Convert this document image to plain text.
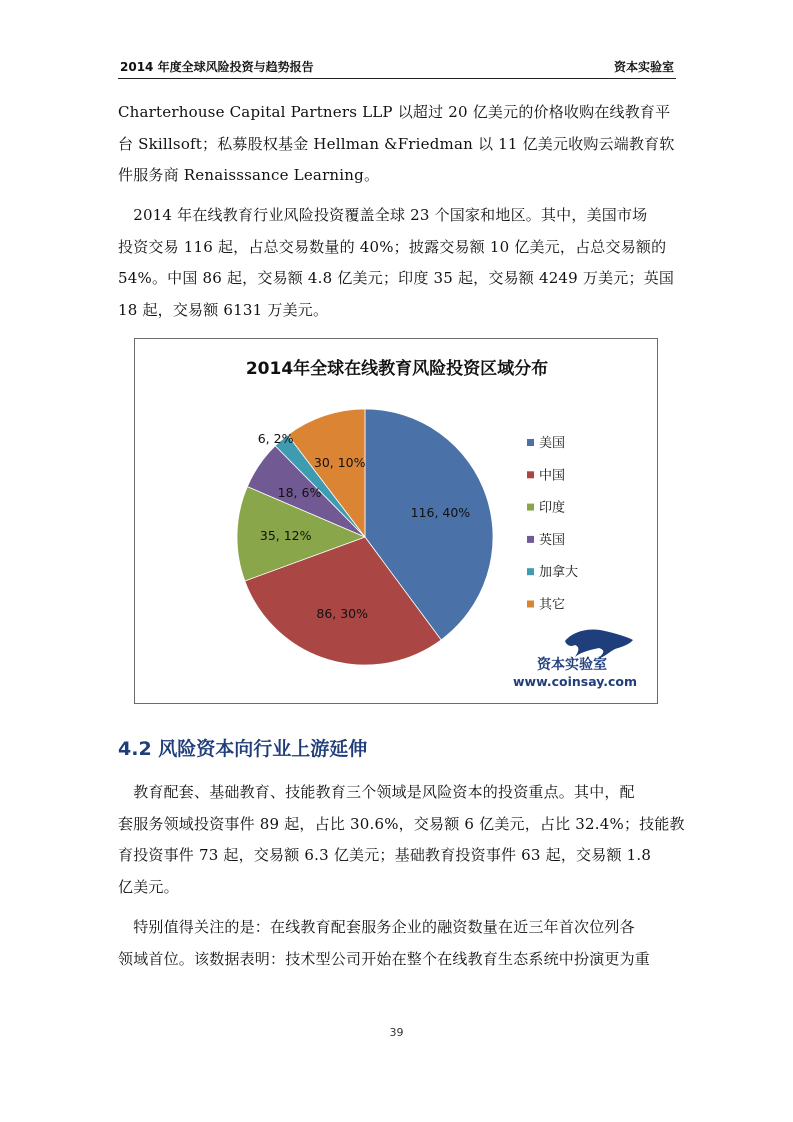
2014 年度全球风险投资与趋势报告	资本实验室
Charterhouse Capital Partners LLP 以超过 20 亿美元的价格收购在线教育平
台 Skillsoft；私募股权基金 Hellman &Friedman 以 11 亿美元收购云端教育软
件服务商 Renaisssance Learning。
　2014 年在线教育行业风险投资覆盖全球 23 个国家和地区。其中，美国市场
投资交易 116 起，占总交易数量的 40%；披露交易额 10 亿美元，占总交易额的
54%。中国 86 起，交易额 4.8 亿美元；印度 35 起，交易额 4249 万美元；英国
18 起，交易额 6131 万美元。
2014年全球在线教育风险投资区域分布
116, 40%
86, 30%
35, 12%
18, 6%
6, 2%
30, 10%
美国
中国
印度
英国
加拿大
其它
资本实验室
www.coinsay.com
4.2 风险资本向行业上游延伸
　教育配套、基础教育、技能教育三个领域是风险资本的投资重点。其中，配
套服务领域投资事件 89 起，占比 30.6%，交易额 6 亿美元，占比 32.4%；技能教
育投资事件 73 起，交易额 6.3 亿美元；基础教育投资事件 63 起，交易额 1.8
亿美元。
　特别值得关注的是：在线教育配套服务企业的融资数量在近三年首次位列各
领域首位。该数据表明：技术型公司开始在整个在线教育生态系统中扮演更为重
39
